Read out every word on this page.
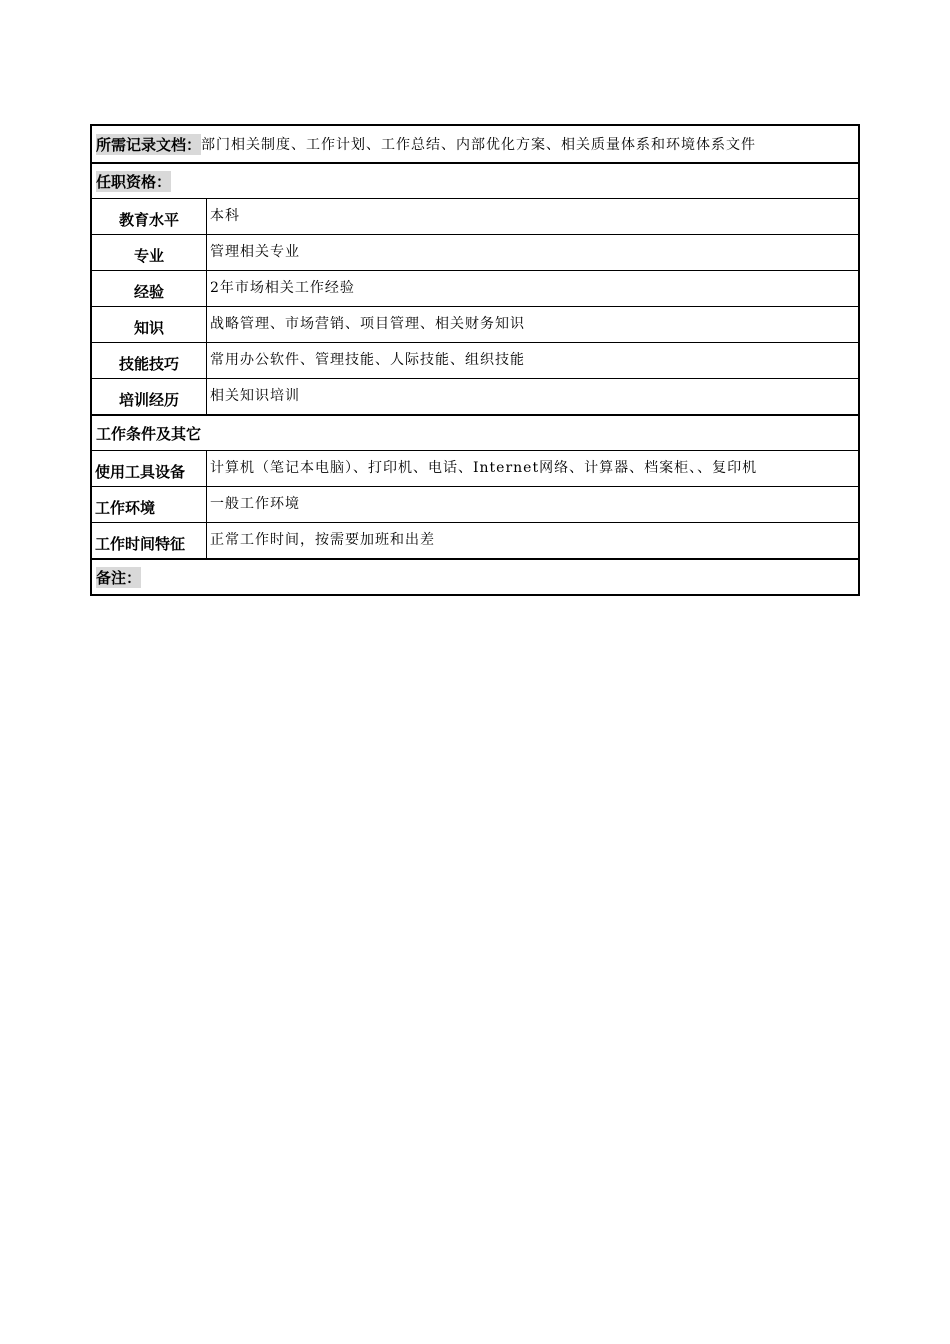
所需记录文档： 部门相关制度、工作计划、工作总结、内部优化方案、相关质量体系和环境体系文件
任职资格：
教育水平	本科
专业	管理相关专业
经验	2年市场相关工作经验
知识	战略管理、市场营销、项目管理、相关财务知识
技能技巧	常用办公软件、管理技能、人际技能、组织技能
培训经历	相关知识培训
工作条件及其它
使用工具设备	计算机（笔记本电脑）、打印机、电话、Internet网络、计算器、档案柜、、复印机
工作环境	一般工作环境
工作时间特征	正常工作时间，按需要加班和出差
备注：
